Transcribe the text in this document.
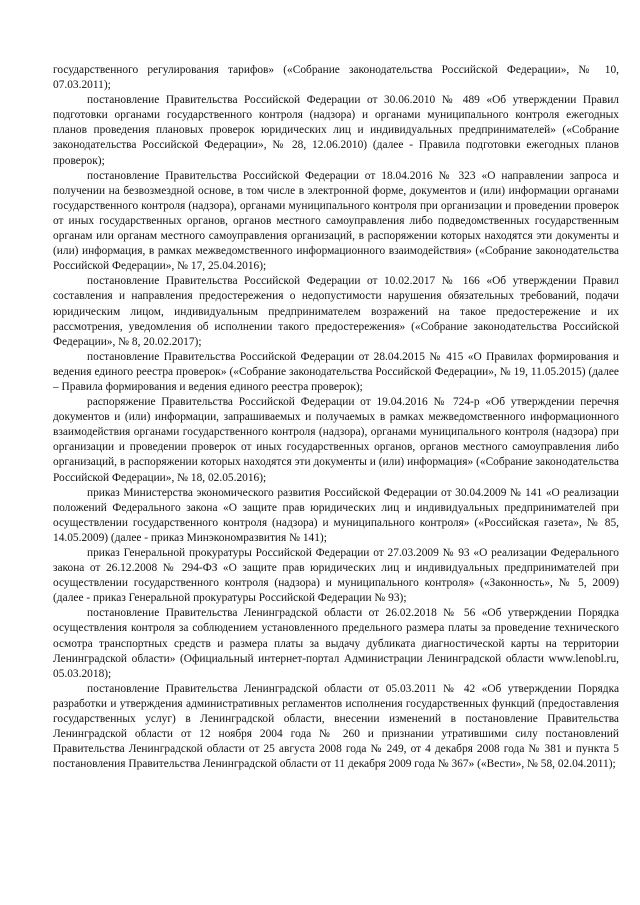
государственного регулирования тарифов» («Собрание законодательства Российской Федерации», № 10, 07.03.2011);

постановление Правительства Российской Федерации от 30.06.2010 № 489 «Об утверждении Правил подготовки органами государственного контроля (надзора) и органами муниципального контроля ежегодных планов проведения плановых проверок юридических лиц и индивидуальных предпринимателей» («Собрание законодательства Российской Федерации», № 28, 12.06.2010) (далее - Правила подготовки ежегодных планов проверок);

постановление Правительства Российской Федерации от 18.04.2016 № 323 «О направлении запроса и получении на безвозмездной основе, в том числе в электронной форме, документов и (или) информации органами государственного контроля (надзора), органами муниципального контроля при организации и проведении проверок от иных государственных органов, органов местного самоуправления либо подведомственных государственным органам или органам местного самоуправления организаций, в распоряжении которых находятся эти документы и (или) информация, в рамках межведомственного информационного взаимодействия» («Собрание законодательства Российской Федерации», № 17, 25.04.2016);

постановление Правительства Российской Федерации от 10.02.2017 № 166 «Об утверждении Правил составления и направления предостережения о недопустимости нарушения обязательных требований, подачи юридическим лицом, индивидуальным предпринимателем возражений на такое предостережение и их рассмотрения, уведомления об исполнении такого предостережения» («Собрание законодательства Российской Федерации», № 8, 20.02.2017);

постановление Правительства Российской Федерации от 28.04.2015 № 415 «О Правилах формирования и ведения единого реестра проверок» («Собрание законодательства Российской Федерации», № 19, 11.05.2015) (далее – Правила формирования и ведения единого реестра проверок);

распоряжение Правительства Российской Федерации от 19.04.2016 № 724-р «Об утверждении перечня документов и (или) информации, запрашиваемых и получаемых в рамках межведомственного информационного взаимодействия органами государственного контроля (надзора), органами муниципального контроля (надзора) при организации и проведении проверок от иных государственных органов, органов местного самоуправления либо организаций, в распоряжении которых находятся эти документы и (или) информация» («Собрание законодательства Российской Федерации», № 18, 02.05.2016);

приказ Министерства экономического развития Российской Федерации от 30.04.2009 № 141 «О реализации положений Федерального закона «О защите прав юридических лиц и индивидуальных предпринимателей при осуществлении государственного контроля (надзора) и муниципального контроля» («Российская газета», № 85, 14.05.2009) (далее - приказ Минэкономразвития № 141);

приказ Генеральной прокуратуры Российской Федерации от 27.03.2009 № 93 «О реализации Федерального закона от 26.12.2008 № 294-ФЗ «О защите прав юридических лиц и индивидуальных предпринимателей при осуществлении государственного контроля (надзора) и муниципального контроля» («Законность», № 5, 2009) (далее - приказ Генеральной прокуратуры Российской Федерации № 93);

постановление Правительства Ленинградской области от 26.02.2018 № 56 «Об утверждении Порядка осуществления контроля за соблюдением установленного предельного размера платы за проведение технического осмотра транспортных средств и размера платы за выдачу дубликата диагностической карты на территории Ленинградской области» (Официальный интернет-портал Администрации Ленинградской области www.lenobl.ru, 05.03.2018);

постановление Правительства Ленинградской области от 05.03.2011 № 42 «Об утверждении Порядка разработки и утверждения административных регламентов исполнения государственных функций (предоставления государственных услуг) в Ленинградской области, внесении изменений в постановление Правительства Ленинградской области от 12 ноября 2004 года № 260 и признании утратившими силу постановлений Правительства Ленинградской области от 25 августа 2008 года № 249, от 4 декабря 2008 года № 381 и пункта 5 постановления Правительства Ленинградской области от 11 декабря 2009 года № 367» («Вести», № 58, 02.04.2011);
